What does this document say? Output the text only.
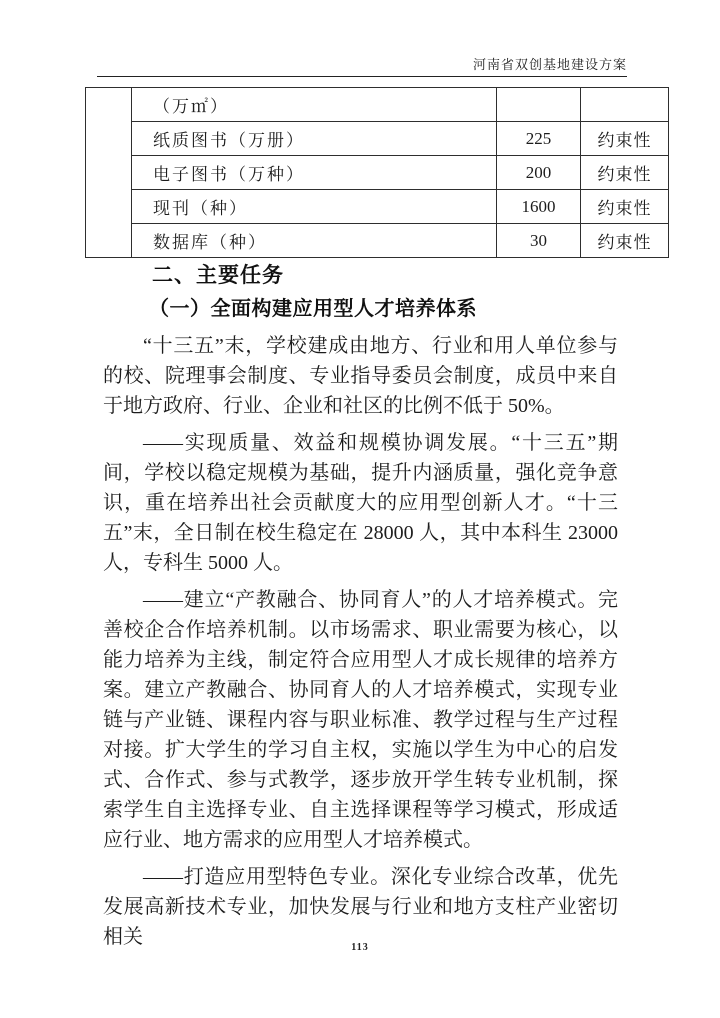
河南省双创基地建设方案
	（万㎡）		
	纸质图书（万册）	225	约束性
	电子图书（万种）	200	约束性
	现刊（种）	1600	约束性
	数据库（种）	30	约束性
二、主要任务
（一）全面构建应用型人才培养体系

“十三五”末，学校建成由地方、行业和用人单位参与的校、院理事会制度、专业指导委员会制度，成员中来自于地方政府、行业、企业和社区的比例不低于 50%。

——实现质量、效益和规模协调发展。“十三五”期间，学校以稳定规模为基础，提升内涵质量，强化竞争意识，重在培养出社会贡献度大的应用型创新人才。“十三五”末，全日制在校生稳定在 28000 人，其中本科生 23000 人，专科生 5000 人。

——建立“产教融合、协同育人”的人才培养模式。完善校企合作培养机制。以市场需求、职业需要为核心，以能力培养为主线，制定符合应用型人才成长规律的培养方案。建立产教融合、协同育人的人才培养模式，实现专业链与产业链、课程内容与职业标准、教学过程与生产过程对接。扩大学生的学习自主权，实施以学生为中心的启发式、合作式、参与式教学，逐步放开学生转专业机制，探索学生自主选择专业、自主选择课程等学习模式，形成适应行业、地方需求的应用型人才培养模式。

——打造应用型特色专业。深化专业综合改革，优先发展高新技术专业，加快发展与行业和地方支柱产业密切相关	113
